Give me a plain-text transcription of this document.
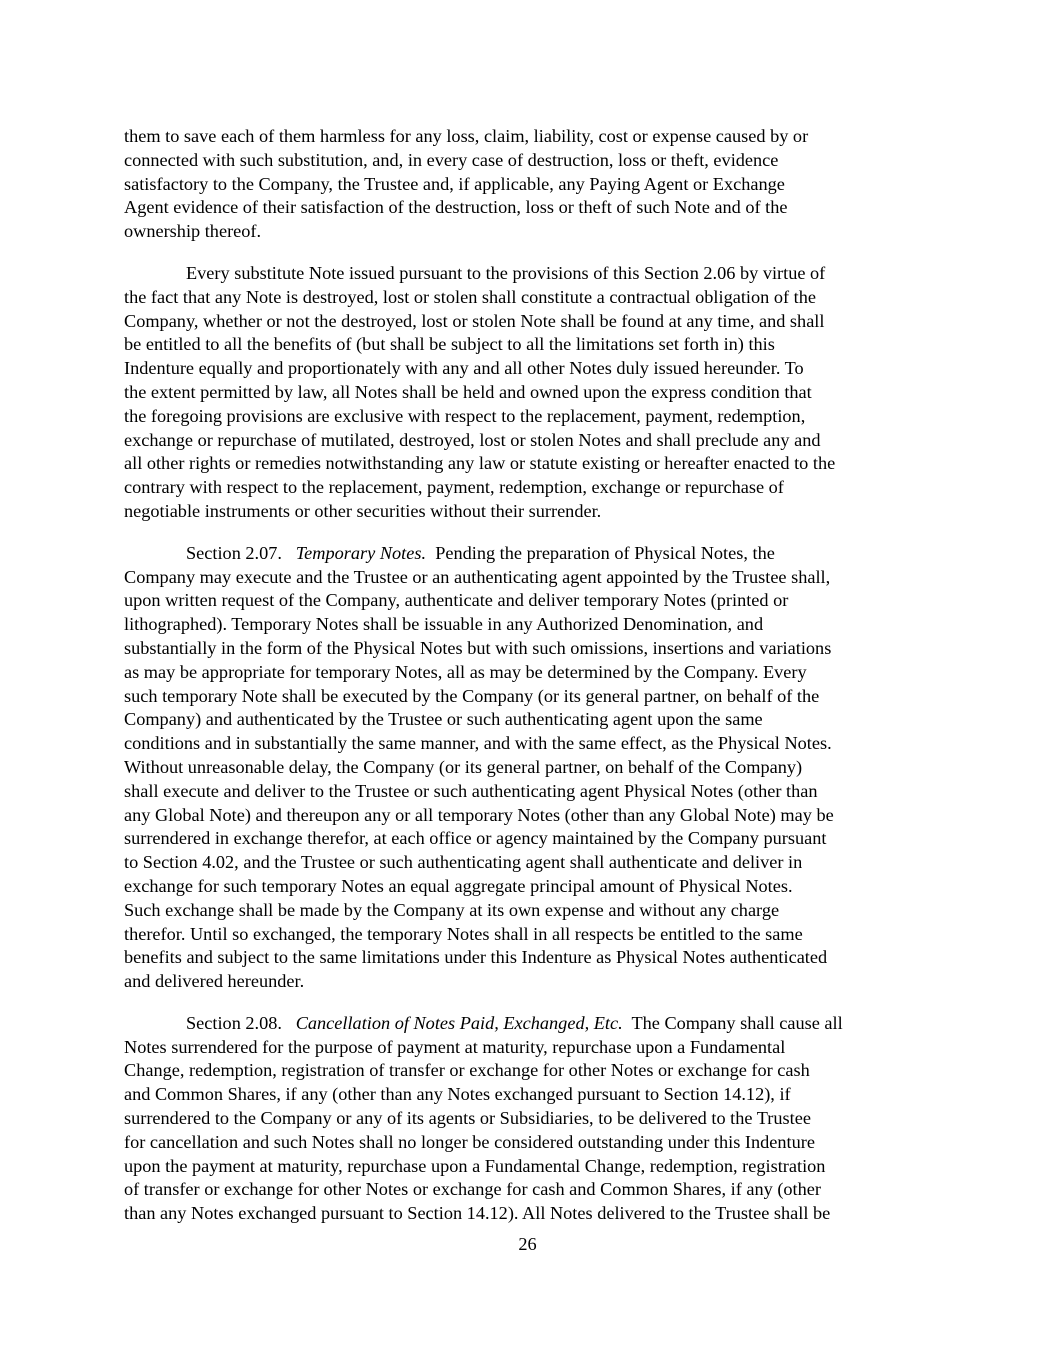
them to save each of them harmless for any loss, claim, liability, cost or expense caused by or
connected with such substitution, and, in every case of destruction, loss or theft, evidence
satisfactory to the Company, the Trustee and, if applicable, any Paying Agent or Exchange
Agent evidence of their satisfaction of the destruction, loss or theft of such Note and of the
ownership thereof.
Every substitute Note issued pursuant to the provisions of this Section 2.06 by virtue of
the fact that any Note is destroyed, lost or stolen shall constitute a contractual obligation of the
Company, whether or not the destroyed, lost or stolen Note shall be found at any time, and shall
be entitled to all the benefits of (but shall be subject to all the limitations set forth in) this
Indenture equally and proportionately with any and all other Notes duly issued hereunder. To
the extent permitted by law, all Notes shall be held and owned upon the express condition that
the foregoing provisions are exclusive with respect to the replacement, payment, redemption,
exchange or repurchase of mutilated, destroyed, lost or stolen Notes and shall preclude any and
all other rights or remedies notwithstanding any law or statute existing or hereafter enacted to the
contrary with respect to the replacement, payment, redemption, exchange or repurchase of
negotiable instruments or other securities without their surrender.
Section 2.07. Temporary Notes. Pending the preparation of Physical Notes, the
Company may execute and the Trustee or an authenticating agent appointed by the Trustee shall,
upon written request of the Company, authenticate and deliver temporary Notes (printed or
lithographed). Temporary Notes shall be issuable in any Authorized Denomination, and
substantially in the form of the Physical Notes but with such omissions, insertions and variations
as may be appropriate for temporary Notes, all as may be determined by the Company. Every
such temporary Note shall be executed by the Company (or its general partner, on behalf of the
Company) and authenticated by the Trustee or such authenticating agent upon the same
conditions and in substantially the same manner, and with the same effect, as the Physical Notes.
Without unreasonable delay, the Company (or its general partner, on behalf of the Company)
shall execute and deliver to the Trustee or such authenticating agent Physical Notes (other than
any Global Note) and thereupon any or all temporary Notes (other than any Global Note) may be
surrendered in exchange therefor, at each office or agency maintained by the Company pursuant
to Section 4.02, and the Trustee or such authenticating agent shall authenticate and deliver in
exchange for such temporary Notes an equal aggregate principal amount of Physical Notes.
Such exchange shall be made by the Company at its own expense and without any charge
therefor. Until so exchanged, the temporary Notes shall in all respects be entitled to the same
benefits and subject to the same limitations under this Indenture as Physical Notes authenticated
and delivered hereunder.
Section 2.08. Cancellation of Notes Paid, Exchanged, Etc. The Company shall cause all
Notes surrendered for the purpose of payment at maturity, repurchase upon a Fundamental
Change, redemption, registration of transfer or exchange for other Notes or exchange for cash
and Common Shares, if any (other than any Notes exchanged pursuant to Section 14.12), if
surrendered to the Company or any of its agents or Subsidiaries, to be delivered to the Trustee
for cancellation and such Notes shall no longer be considered outstanding under this Indenture
upon the payment at maturity, repurchase upon a Fundamental Change, redemption, registration
of transfer or exchange for other Notes or exchange for cash and Common Shares, if any (other
than any Notes exchanged pursuant to Section 14.12). All Notes delivered to the Trustee shall be
26
